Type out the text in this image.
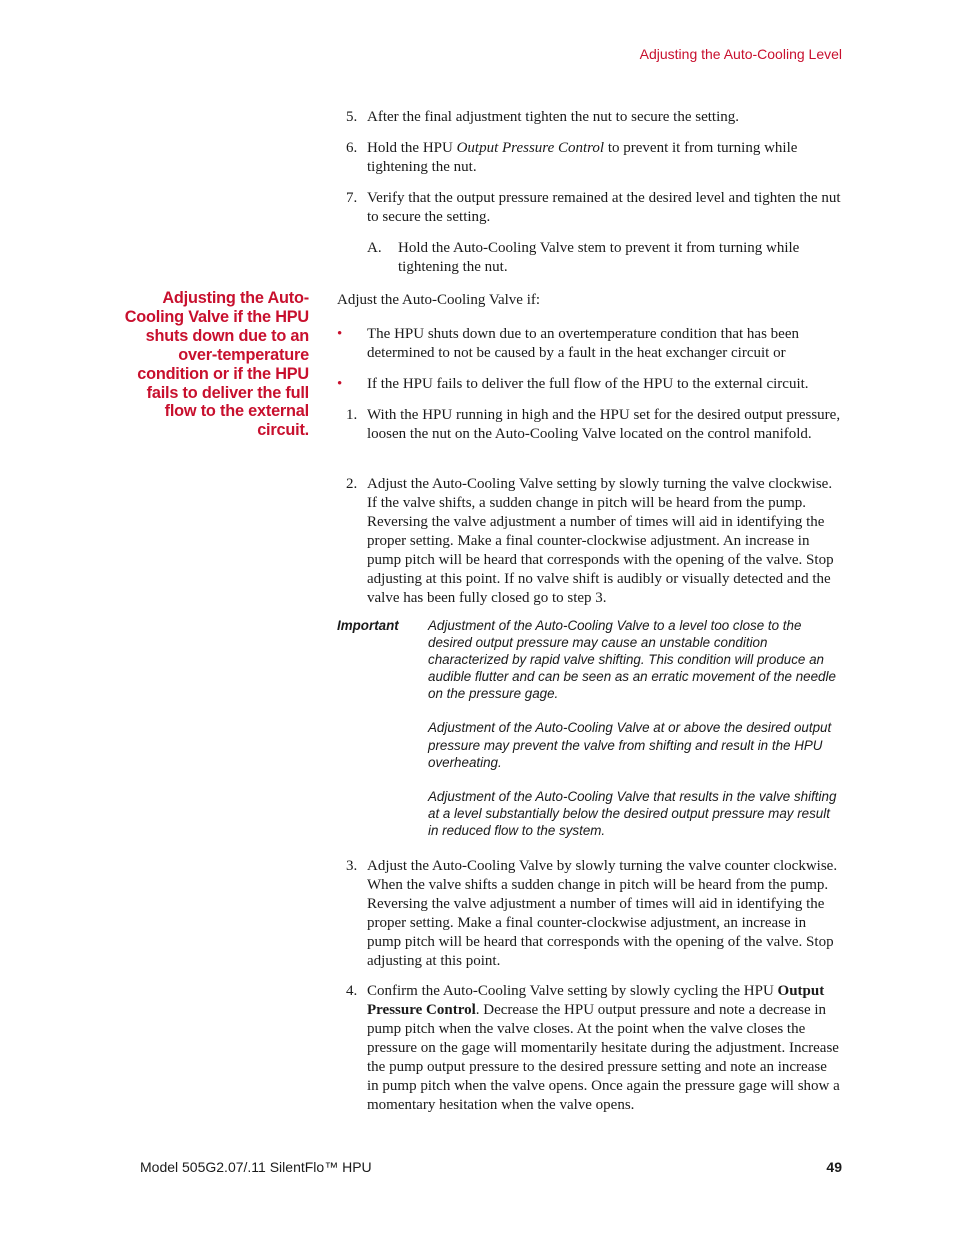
Adjusting the Auto-Cooling Level
5. After the final adjustment tighten the nut to secure the setting.
6. Hold the HPU Output Pressure Control to prevent it from turning while tightening the nut.
7. Verify that the output pressure remained at the desired level and tighten the nut to secure the setting.
A. Hold the Auto-Cooling Valve stem to prevent it from turning while tightening the nut.
Adjust the Auto-Cooling Valve if:
• The HPU shuts down due to an overtemperature condition that has been determined to not be caused by a fault in the heat exchanger circuit or
• If the HPU fails to deliver the full flow of the HPU to the external circuit.
1. With the HPU running in high and the HPU set for the desired output pressure, loosen the nut on the Auto-Cooling Valve located on the control manifold.
2. Adjust the Auto-Cooling Valve setting by slowly turning the valve clockwise. If the valve shifts, a sudden change in pitch will be heard from the pump. Reversing the valve adjustment a number of times will aid in identifying the proper setting. Make a final counter-clockwise adjustment. An increase in pump pitch will be heard that corresponds with the opening of the valve. Stop adjusting at this point. If no valve shift is audibly or visually detected and the valve has been fully closed go to step 3.
3. Adjust the Auto-Cooling Valve by slowly turning the valve counter clockwise. When the valve shifts a sudden change in pitch will be heard from the pump. Reversing the valve adjustment a number of times will aid in identifying the proper setting. Make a final counter-clockwise adjustment, an increase in pump pitch will be heard that corresponds with the opening of the valve. Stop adjusting at this point.
4. Confirm the Auto-Cooling Valve setting by slowly cycling the HPU Output Pressure Control. Decrease the HPU output pressure and note a decrease in pump pitch when the valve closes. At the point when the valve closes the pressure on the gage will momentarily hesitate during the adjustment. Increase the pump output pressure to the desired pressure setting and note an increase in pump pitch when the valve opens. Once again the pressure gage will show a momentary hesitation when the valve opens.
Adjusting the Auto-Cooling Valve if the HPU shuts down due to an over-temperature condition or if the HPU fails to deliver the full flow to the external circuit.
Important Adjustment of the Auto-Cooling Valve to a level too close to the desired output pressure may cause an unstable condition characterized by rapid valve shifting. This condition will produce an audible flutter and can be seen as an erratic movement of the needle on the pressure gage.

Adjustment of the Auto-Cooling Valve at or above the desired output pressure may prevent the valve from shifting and result in the HPU overheating.

Adjustment of the Auto-Cooling Valve that results in the valve shifting at a level substantially below the desired output pressure may result in reduced flow to the system.

Model 505G2.07/.11 SilentFlo™ HPU	49
